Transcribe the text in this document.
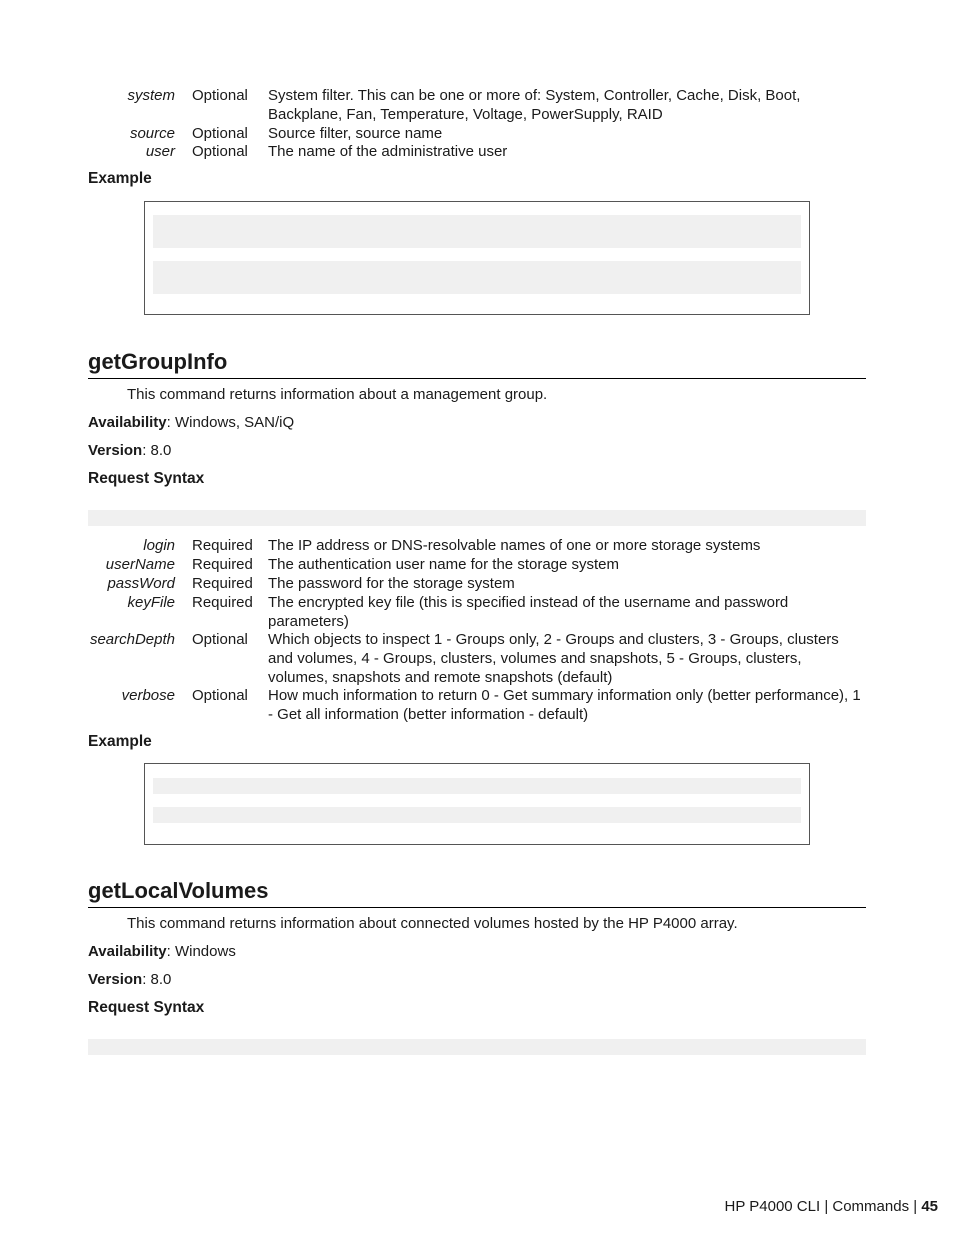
system Optional System filter. This can be one or more of: System, Controller, Cache, Disk, Boot, Backplane, Fan, Temperature, Voltage, PowerSupply, RAID
source Optional Source filter, source name
user Optional The name of the administrative user
Example
getGroupInfo
This command returns information about a management group.
Availability: Windows, SAN/iQ
Version: 8.0
Request Syntax
login Required The IP address or DNS-resolvable names of one or more storage systems
userName Required The authentication user name for the storage system
passWord Required The password for the storage system
keyFile Required The encrypted key file (this is specified instead of the username and password parameters)
searchDepth Optional Which objects to inspect 1 - Groups only, 2 - Groups and clusters, 3 - Groups, clusters and volumes, 4 - Groups, clusters, volumes and snapshots, 5 - Groups, clusters, volumes, snapshots and remote snapshots (default)
verbose Optional How much information to return 0 - Get summary information only (better performance), 1 - Get all information (better information - default)
Example
getLocalVolumes
This command returns information about connected volumes hosted by the HP P4000 array.
Availability: Windows
Version: 8.0
Request Syntax
HP P4000 CLI | Commands | 45
